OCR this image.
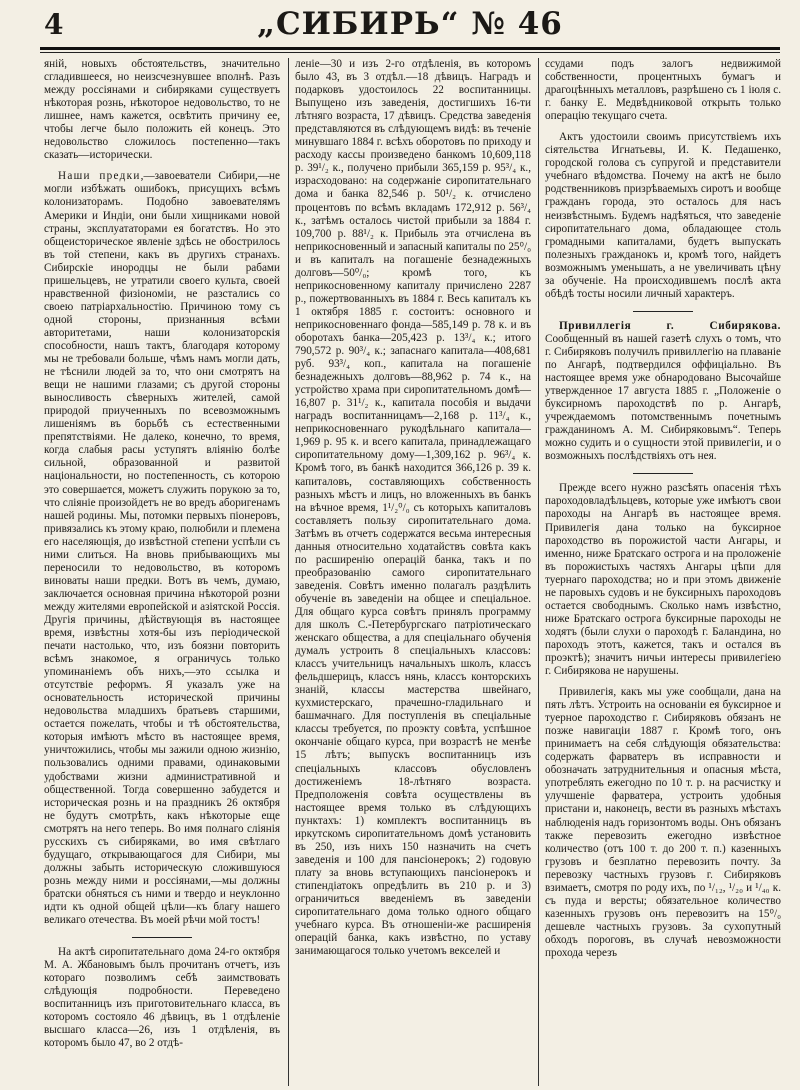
4	„СИБИРЬ“ № 46

яній, новыхъ обстоятельствъ, значительно сгладившееся, но неизсчезнувшее вполнѣ. Разъ между россіянами и сибиряками существуетъ нѣкоторая рознь, нѣкоторое недовольство, то не лишнее, намъ кажется, освѣтить причину ее, чтобы легче было положить ей конецъ. Это недовольство сложилось постепенно—такъ сказать—исторически.

Наши предки,—завоеватели Сибири,—не могли избѣжать ошибокъ, присущихъ всѣмъ колонизаторамъ. Подобно завоевателямъ Америки и Индіи, они были хищниками новой страны, эксплуататорами ея богатствъ. Но это общеисторическое явленіе здѣсь не обострилось въ той степени, какъ въ другихъ странахъ. Сибирскіе инородцы не были рабами пришельцевъ, не утратили своего культа, своей нравственной физіономіи, не разстались со своею патріархальностію. Причиною тому съ одной стороны, признанныя всѣми авторитетами, наши колонизаторскія способности, нашъ тактъ, благодаря которому мы не требовали больше, чѣмъ намъ могли дать, не тѣснили людей за то, что они смотрятъ на вещи не нашими глазами; съ другой стороны выносливость сѣверныхъ жителей, самой природой приученныхъ по всевозможнымъ лишеніямъ въ борьбѣ съ естественными препятствіями. Не далеко, конечно, то время, когда слабыя расы уступятъ вліянію болѣе сильной, образованной и развитой національности, но постепенность, съ которою это совершается, можетъ служить порукою за то, что сліяніе произойдетъ не во вредъ аборигенамъ нашей родины. Мы, потомки первыхъ піонеровъ, привязались къ этому краю, полюбили и племена его населяющія, до извѣстной степени успѣли съ ними слиться. На вновь прибывающихъ мы переносили то недовольство, въ которомъ виноваты наши предки. Вотъ въ чемъ, думаю, заключается основная причина нѣкоторой розни между жителями европейской и азіятской Россія. Другія причины, дѣйствующія въ настоящее время, извѣстны хотя-бы изъ періодической печати настолько, что, изъ боязни повторить всѣмъ знакомое, я ограничусь только упоминаніемъ объ нихъ,—это ссылка и отсутствіе реформъ. Я указалъ уже на основательность исторической причины недовольства младшихъ братьевъ старшими, остается пожелать, чтобы и тѣ обстоятельства, которыя имѣютъ мѣсто въ настоящее время, уничтожились, чтобы мы зажили одною жизнію, пользовались одними правами, одинаковыми удобствами жизни административной и общественной. Тогда совершенно забудется и историческая рознь и на праздникъ 26 октября не будутъ смотрѣть, какъ нѣкоторые еще смотрятъ на него теперь. Во имя полнаго сліянія русскихъ съ сибиряками, во имя свѣтлаго будущаго, открывающагося для Сибири, мы должны забыть историческую сложившуюся рознь между ними и россіянами,—мы должны братски обняться съ ними и твердо и неуклонно идти къ одной общей цѣли—къ благу нашего великаго отечества. Въ моей рѣчи мой тостъ!

На актѣ сиропитательнаго дома 24-го октября М. А. Жбановымъ былъ прочитанъ отчетъ, изъ котораго позволимъ себѣ заимствовать слѣдующія подробности. Переведено воспитанницъ изъ приготовительнаго класса, въ которомъ состояло 46 дѣвицъ, въ 1 отдѣленіе высшаго класса—26, изъ 1 отдѣленія, въ которомъ было 47, во 2 отдѣ-

леніе—30 и изъ 2-го отдѣленія, въ которомъ было 43, въ 3 отдѣл.—18 дѣвицъ. Наградъ и подарковъ удостоилось 22 воспитанницы. Выпущено изъ заведенія, достигшихъ 16-ти лѣтняго возраста, 17 дѣвицъ. Средства заведенія представляются въ слѣдующемъ видѣ: въ теченіе минувшаго 1884 г. всѣхъ оборотовъ по приходу и расходу кассы произведено банкомъ 10,609,118 р. 39¹/₂ к., получено прибыли 365,159 р. 95³/₄ к., израсходовано: на содержаніе сиропитательнаго дома и банка 82,546 р. 50¹/₂ к. отчислено процентовъ по всѣмъ вкладамъ 172,912 р. 56³/₄ к., затѣмъ осталось чистой прибыли за 1884 г. 109,700 р. 88¹/₂ к. Прибыль эта отчислена въ неприкосновенный и запасный капиталы по 25⁰/₀ и въ капиталъ на погашеніе безнадежныхъ долговъ—50⁰/₀; кромѣ того, къ неприкосновенному капиталу причислено 2287 р., пожертвованныхъ въ 1884 г. Весь капиталъ къ 1 октября 1885 г. состоитъ: основного и неприкосновеннаго фонда—585,149 р. 78 к. и въ оборотахъ банка—205,423 р. 13³/₄ к.; итого 790,572 р. 90³/₄ к.; запаснаго капитала—408,681 руб. 93³/₄ коп., капитала на погашеніе безнадежныхъ долговъ—88,962 р. 74 к., на устройство храма при сиропитательномъ домѣ—16,807 р. 31¹/₂ к., капитала пособія и выдачи наградъ воспитанницамъ—2,168 р. 11³/₄ к., неприкосновеннаго рукодѣльнаго капитала—1,969 р. 95 к. и всего капитала, принадлежащаго сиропитательному дому—1,309,162 р. 96³/₄ к. Кромѣ того, въ банкѣ находится 366,126 р. 39 к. капиталовъ, составляющихъ собственность разныхъ мѣстъ и лицъ, но вложенныхъ въ банкъ на вѣчное время, 1¹/₂⁰/₀ съ которыхъ капиталовъ составляетъ пользу сиропитательнаго дома. Затѣмъ въ отчетъ содержатся весьма интересныя данныя относительно ходатайствъ совѣта какъ по расширенію операцій банка, такъ и по преобразованію самого сиропитательнаго заведенія. Совѣтъ именно полагалъ раздѣлить обученіе въ заведеніи на общее и спеціальное. Для общаго курса совѣтъ принялъ программу для школъ С.-Петербургскаго патріотическаго женскаго общества, а для спеціальнаго обученія думалъ устроить 8 спеціальныхъ классовъ: классъ учительницъ начальныхъ школъ, классъ фельдшерицъ, классъ нянь, классъ конторскихъ знаній, классы мастерства швейнаго, кухмистерскаго, прачешно-гладильнаго и башмачнаго. Для поступленія въ спеціальные классы требуется, по проэкту совѣта, успѣшное окончаніе общаго курса, при возрастѣ не менѣе 15 лѣтъ; выпускъ воспитанницъ изъ спеціальныхъ классовъ обусловленъ достиженіемъ 18-лѣтняго возраста. Предположенія совѣта осуществлены въ настоящее время только въ слѣдующихъ пунктахъ: 1) комплектъ воспитанницъ въ иркутскомъ сиропитательномъ домѣ установить въ 250, изъ нихъ 150 назначить на счетъ заведенія и 100 для пансіонерокъ; 2) годовую плату за вновь вступающихъ пансіонерокъ и стипендіатокъ опредѣлить въ 210 р. и 3) ограничиться введеніемъ въ заведеніи сиропитательнаго дома только одного общаго учебнаго курса. Въ отношеніи-же расширенія операцій банка, какъ извѣстно, по уставу занимающагося только учетомъ векселей и

ссудами подъ залогъ недвижимой собственности, процентныхъ бумагъ и драгоцѣнныхъ металловъ, разрѣшено съ 1 іюля с. г. банку Е. Медвѣдниковой открыть только операцію текущаго счета.

Актъ удостоили своимъ присутствіемъ ихъ сіятельства Игнатьевы, И. К. Педашенко, городской голова съ супругой и представители учебнаго вѣдомства. Почему на актѣ не было родственниковъ призрѣваемыхъ сиротъ и вообще гражданъ города, это осталось для насъ неизвѣстнымъ. Будемъ надѣяться, что заведеніе сиропитательнаго дома, обладающее столь громадными капиталами, будетъ выпускать полезныхъ гражданокъ и, кромѣ того, найдетъ возможнымъ уменьшать, а не увеличивать цѣну за обученіе. На происходившемъ послѣ акта обѣдѣ тосты носили личный характеръ.

Привиллегія г. Сибирякова. Сообщенный въ нашей газетѣ слухъ о томъ, что г. Сибиряковъ получилъ привиллегію на плаваніе по Ангарѣ, подтвердился оффиціально. Въ настоящее время уже обнародовано Высочайше утвержденное 17 августа 1885 г. „Положеніе о буксирномъ пароходствѣ по р. Ангарѣ, учреждаемомъ потомственнымъ почетнымъ гражданиномъ А. М. Сибиряковымъ“. Теперь можно судить и о сущности этой привилегіи, и о возможныхъ послѣдствіяхъ отъ нея.

Прежде всего нужно разсѣять опасенія тѣхъ пароходовладѣльцевъ, которые уже имѣютъ свои пароходы на Ангарѣ въ настоящее время. Привилегія дана только на буксирное пароходство въ порожистой части Ангары, и именно, ниже Братскаго острога и на проложеніе въ порожистыхъ частяхъ Ангары цѣпи для туернаго пароходства; но и при этомъ движеніе не паровыхъ судовъ и не буксирныхъ пароходовъ остается свободнымъ. Сколько намъ извѣстно, ниже Братскаго острога буксирные пароходы не ходятъ (были слухи о пароходѣ г. Баландина, но пароходъ этотъ, кажется, такъ и остался въ проэктѣ); значитъ ничьи интересы привилегіею г. Сибирякова не нарушены.

Привилегія, какъ мы уже сообщали, дана на пять лѣтъ. Устроить на основаніи ея буксирное и туерное пароходство г. Сибиряковъ обязанъ не позже навигаціи 1887 г. Кромѣ того, онъ принимаетъ на себя слѣдующія обязательства: содержать фарватеръ въ исправности и обозначать затруднительныя и опасныя мѣста, употреблять ежегодно по 10 т. р. на расчистку и улучшеніе фарватера, устроить удобныя пристани и, наконецъ, вести въ разныхъ мѣстахъ наблюденія надъ горизонтомъ воды. Онъ обязанъ также перевозить ежегодно извѣстное количество (отъ 100 т. до 200 т. п.) казенныхъ грузовъ и безплатно перевозить почту. За перевозку частныхъ грузовъ г. Сибиряковъ взимаетъ, смотря по роду ихъ, по ¹/₁₂, ¹/₂₀ и ¹/₄₀ к. съ пуда и версты; обязательное количество казенныхъ грузовъ онъ перевозитъ на 15⁰/₀ дешевле частныхъ грузовъ. За сухопутный обходъ пороговъ, въ случаѣ невозможности прохода черезъ
